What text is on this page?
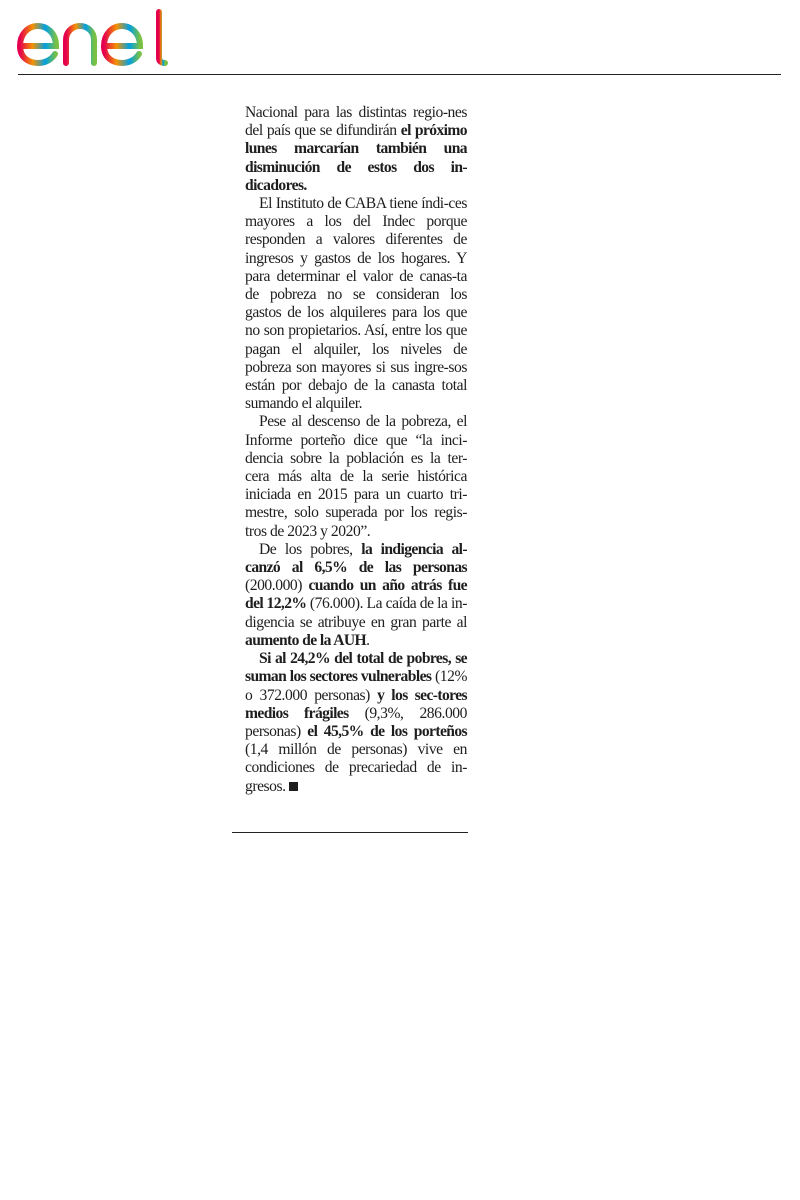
Nacional para las distintas regio-nes del país que se difundirán el próximo lunes marcarían también una disminución de estos dos in-dicadores.

El Instituto de CABA tiene índi-ces mayores a los del Indec porque responden a valores diferentes de ingresos y gastos de los hogares. Y para determinar el valor de canas-ta de pobreza no se consideran los gastos de los alquileres para los que no son propietarios. Así, entre los que pagan el alquiler, los niveles de pobreza son mayores si sus ingre-sos están por debajo de la canasta total sumando el alquiler.

Pese al descenso de la pobreza, el Informe porteño dice que “la inci-dencia sobre la población es la ter-cera más alta de la serie histórica iniciada en 2015 para un cuarto tri-mestre, solo superada por los regis-tros de 2023 y 2020”.

De los pobres, la indigencia al-canzó al 6,5% de las personas (200.000) cuando un año atrás fue del 12,2% (76.000). La caída de la in-digencia se atribuye en gran parte al aumento de la AUH.

Si al 24,2% del total de pobres, se suman los sectores vulnerables (12% o 372.000 personas) y los sec-tores medios frágiles (9,3%, 286.000 personas) el 45,5% de los porteños (1,4 millón de personas) vive en condiciones de precariedad de in-gresos.
